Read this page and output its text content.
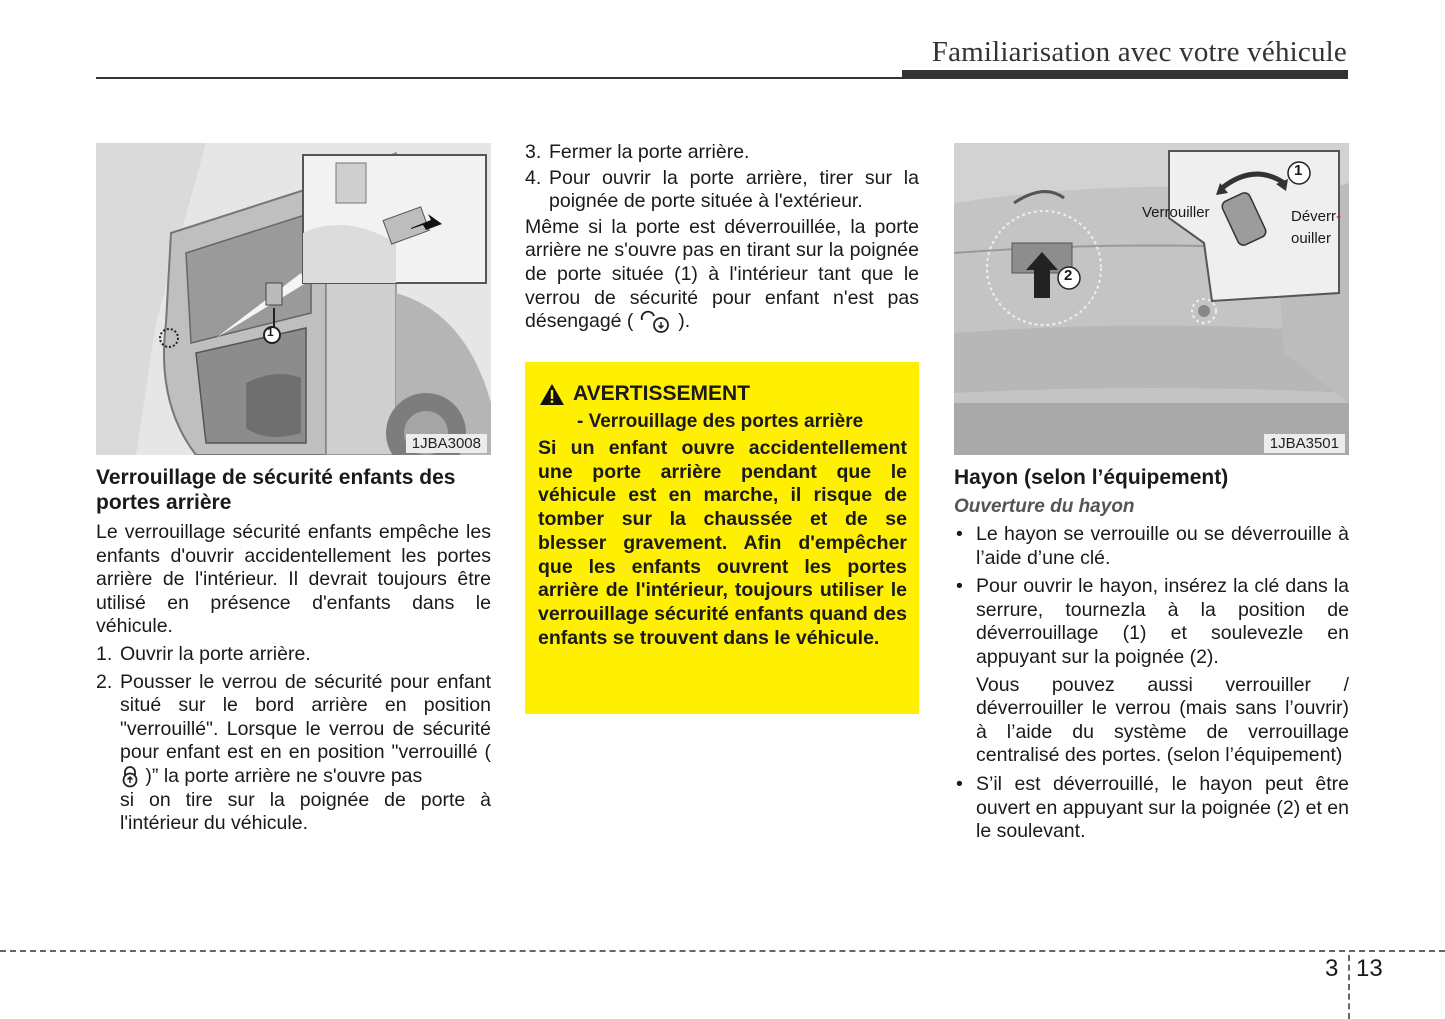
Familiarisation avec votre véhicule
1
1JBA3008
Verrouillage de sécurité enfants des portes arrière

Le verrouillage sécurité enfants empêche les enfants d'ouvrir accidentellement les portes arrière de l'intérieur. Il devrait toujours être utilisé en présence d'enfants dans le véhicule.

1. Ouvrir la porte arrière.
2. Pousser le verrou de sécurité pour enfant situé sur le bord arrière en position "verrouillé". Lorsque le verrou de sécurité pour enfant est en en position "verrouillé (  )” la porte arrière ne s'ouvre pas
si on tire sur la poignée de porte à l'intérieur du véhicule.
3. Fermer la porte arrière.
4. Pour ouvrir la porte arrière, tirer sur la poignée de porte située à l'extérieur.
Même si la porte est déverrouillée, la porte arrière ne s'ouvre pas en tirant sur la poignée de porte située (1) à l'intérieur tant que le verrou de sécurité pour enfant n'est pas désengagé ( ).
AVERTISSEMENT
- Verrouillage des portes arrière
Si un enfant ouvre accidentellement une porte arrière pendant que le véhicule est en marche, il risque de tomber sur la chaussée et de se blesser gravement. Afin d'empêcher que les enfants ouvrent les portes arrière de l'intérieur, toujours utiliser le verrouillage sécurité enfants quand des enfants se trouvent dans le véhicule.
1
2
Verrouiller	Déverr-
ouiller
1JBA3501
Hayon (selon l’équipement)
Ouverture du hayon
• Le hayon se verrouille ou se déverrouille à l’aide d’une clé.
• Pour ouvrir le hayon, insérez la clé dans la serrure, tournezla à la position de déverrouillage (1) et soulevezle en appuyant sur la poignée (2).
Vous pouvez aussi verrouiller / déverrouiller le verrou (mais sans l’ouvrir) à l’aide du système de verrouillage centralisé des portes. (selon l’équipement)
• S’il est déverrouillé, le hayon peut être ouvert en appuyant sur la poignée (2) et en le soulevant.
3 13
